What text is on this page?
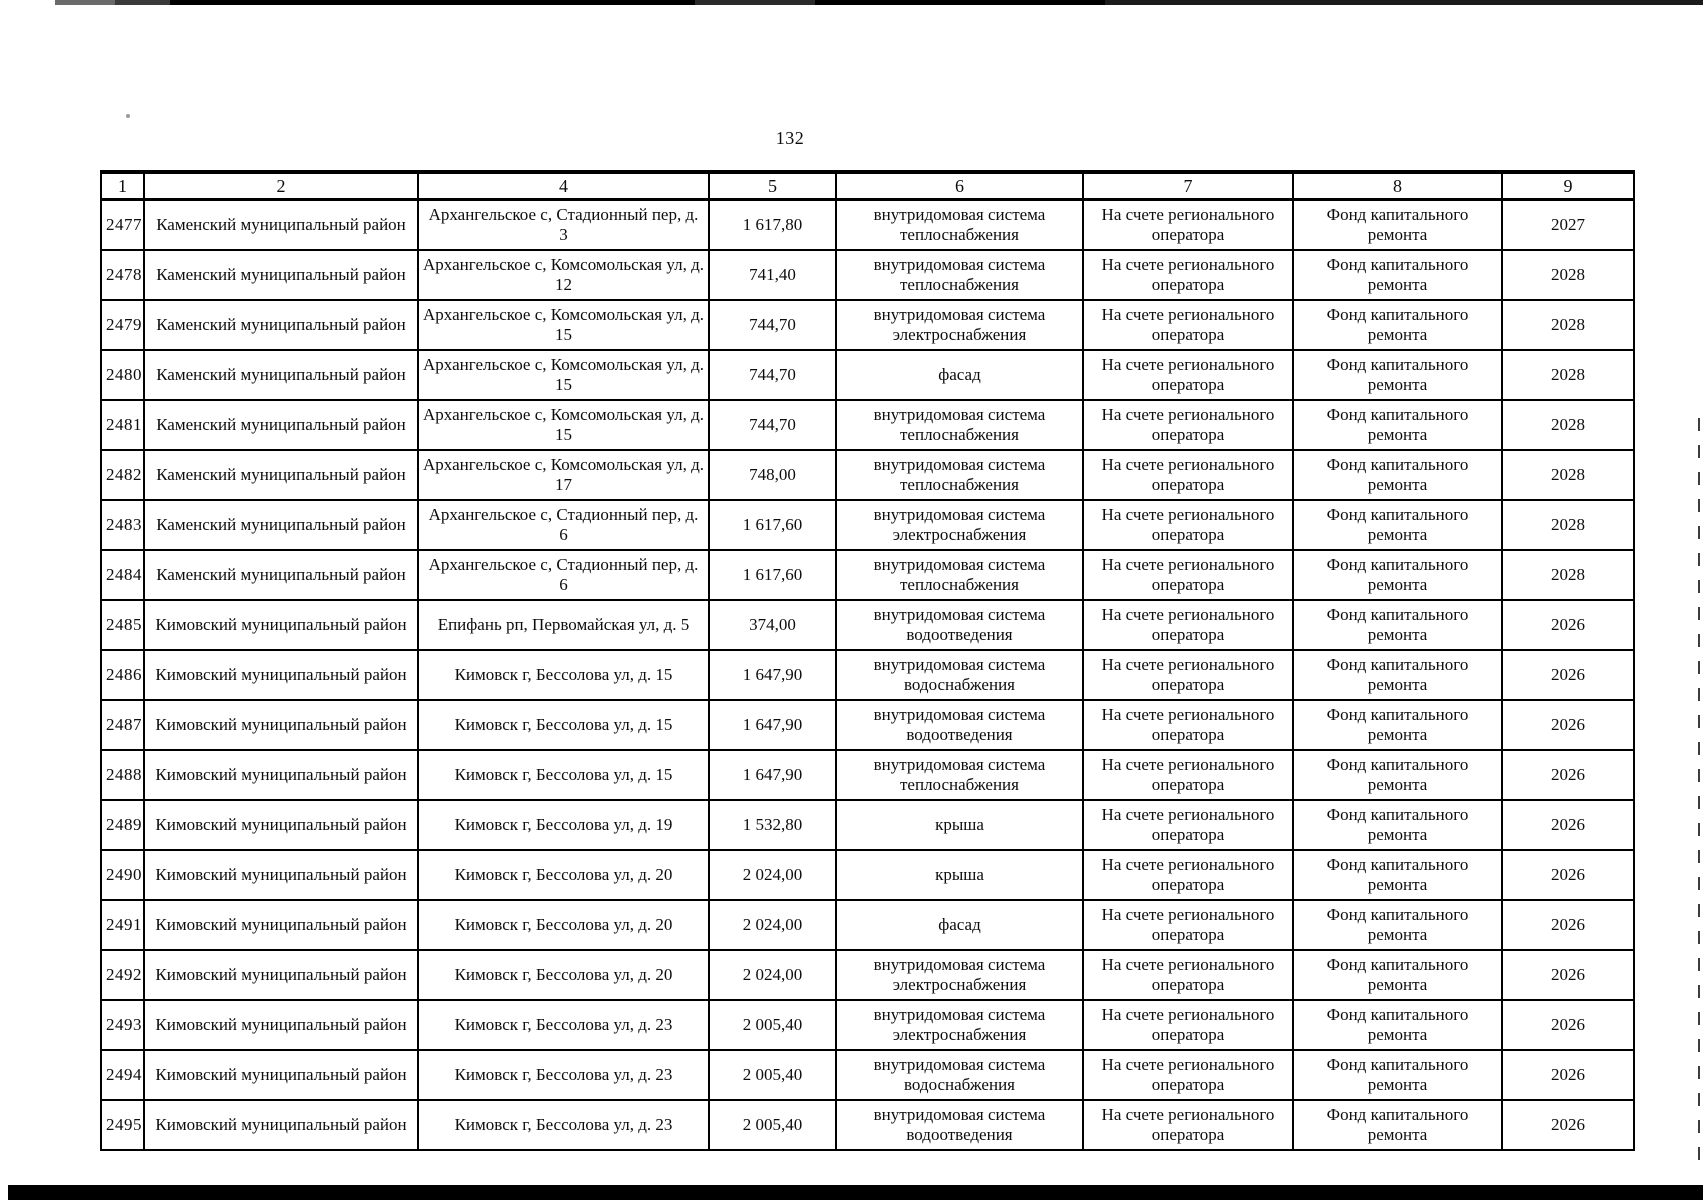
132
1	2	4	5	6	7	8	9
2477	Каменский муниципальный район	Архангельское с, Стадионный пер, д. 3	1 617,80	внутридомовая система теплоснабжения	На счете регионального оператора	Фонд капитального ремонта	2027
2478	Каменский муниципальный район	Архангельское с, Комсомольская ул, д. 12	741,40	внутридомовая система теплоснабжения	На счете регионального оператора	Фонд капитального ремонта	2028
2479	Каменский муниципальный район	Архангельское с, Комсомольская ул, д. 15	744,70	внутридомовая система электроснабжения	На счете регионального оператора	Фонд капитального ремонта	2028
2480	Каменский муниципальный район	Архангельское с, Комсомольская ул, д. 15	744,70	фасад	На счете регионального оператора	Фонд капитального ремонта	2028
2481	Каменский муниципальный район	Архангельское с, Комсомольская ул, д. 15	744,70	внутридомовая система теплоснабжения	На счете регионального оператора	Фонд капитального ремонта	2028
2482	Каменский муниципальный район	Архангельское с, Комсомольская ул, д. 17	748,00	внутридомовая система теплоснабжения	На счете регионального оператора	Фонд капитального ремонта	2028
2483	Каменский муниципальный район	Архангельское с, Стадионный пер, д. 6	1 617,60	внутридомовая система электроснабжения	На счете регионального оператора	Фонд капитального ремонта	2028
2484	Каменский муниципальный район	Архангельское с, Стадионный пер, д. 6	1 617,60	внутридомовая система теплоснабжения	На счете регионального оператора	Фонд капитального ремонта	2028
2485	Кимовский муниципальный район	Епифань рп, Первомайская ул, д. 5	374,00	внутридомовая система водоотведения	На счете регионального оператора	Фонд капитального ремонта	2026
2486	Кимовский муниципальный район	Кимовск г, Бессолова ул, д. 15	1 647,90	внутридомовая система водоснабжения	На счете регионального оператора	Фонд капитального ремонта	2026
2487	Кимовский муниципальный район	Кимовск г, Бессолова ул, д. 15	1 647,90	внутридомовая система водоотведения	На счете регионального оператора	Фонд капитального ремонта	2026
2488	Кимовский муниципальный район	Кимовск г, Бессолова ул, д. 15	1 647,90	внутридомовая система теплоснабжения	На счете регионального оператора	Фонд капитального ремонта	2026
2489	Кимовский муниципальный район	Кимовск г, Бессолова ул, д. 19	1 532,80	крыша	На счете регионального оператора	Фонд капитального ремонта	2026
2490	Кимовский муниципальный район	Кимовск г, Бессолова ул, д. 20	2 024,00	крыша	На счете регионального оператора	Фонд капитального ремонта	2026
2491	Кимовский муниципальный район	Кимовск г, Бессолова ул, д. 20	2 024,00	фасад	На счете регионального оператора	Фонд капитального ремонта	2026
2492	Кимовский муниципальный район	Кимовск г, Бессолова ул, д. 20	2 024,00	внутридомовая система электроснабжения	На счете регионального оператора	Фонд капитального ремонта	2026
2493	Кимовский муниципальный район	Кимовск г, Бессолова ул, д. 23	2 005,40	внутридомовая система электроснабжения	На счете регионального оператора	Фонд капитального ремонта	2026
2494	Кимовский муниципальный район	Кимовск г, Бессолова ул, д. 23	2 005,40	внутридомовая система водоснабжения	На счете регионального оператора	Фонд капитального ремонта	2026
2495	Кимовский муниципальный район	Кимовск г, Бессолова ул, д. 23	2 005,40	внутридомовая система водоотведения	На счете регионального оператора	Фонд капитального ремонта	2026
